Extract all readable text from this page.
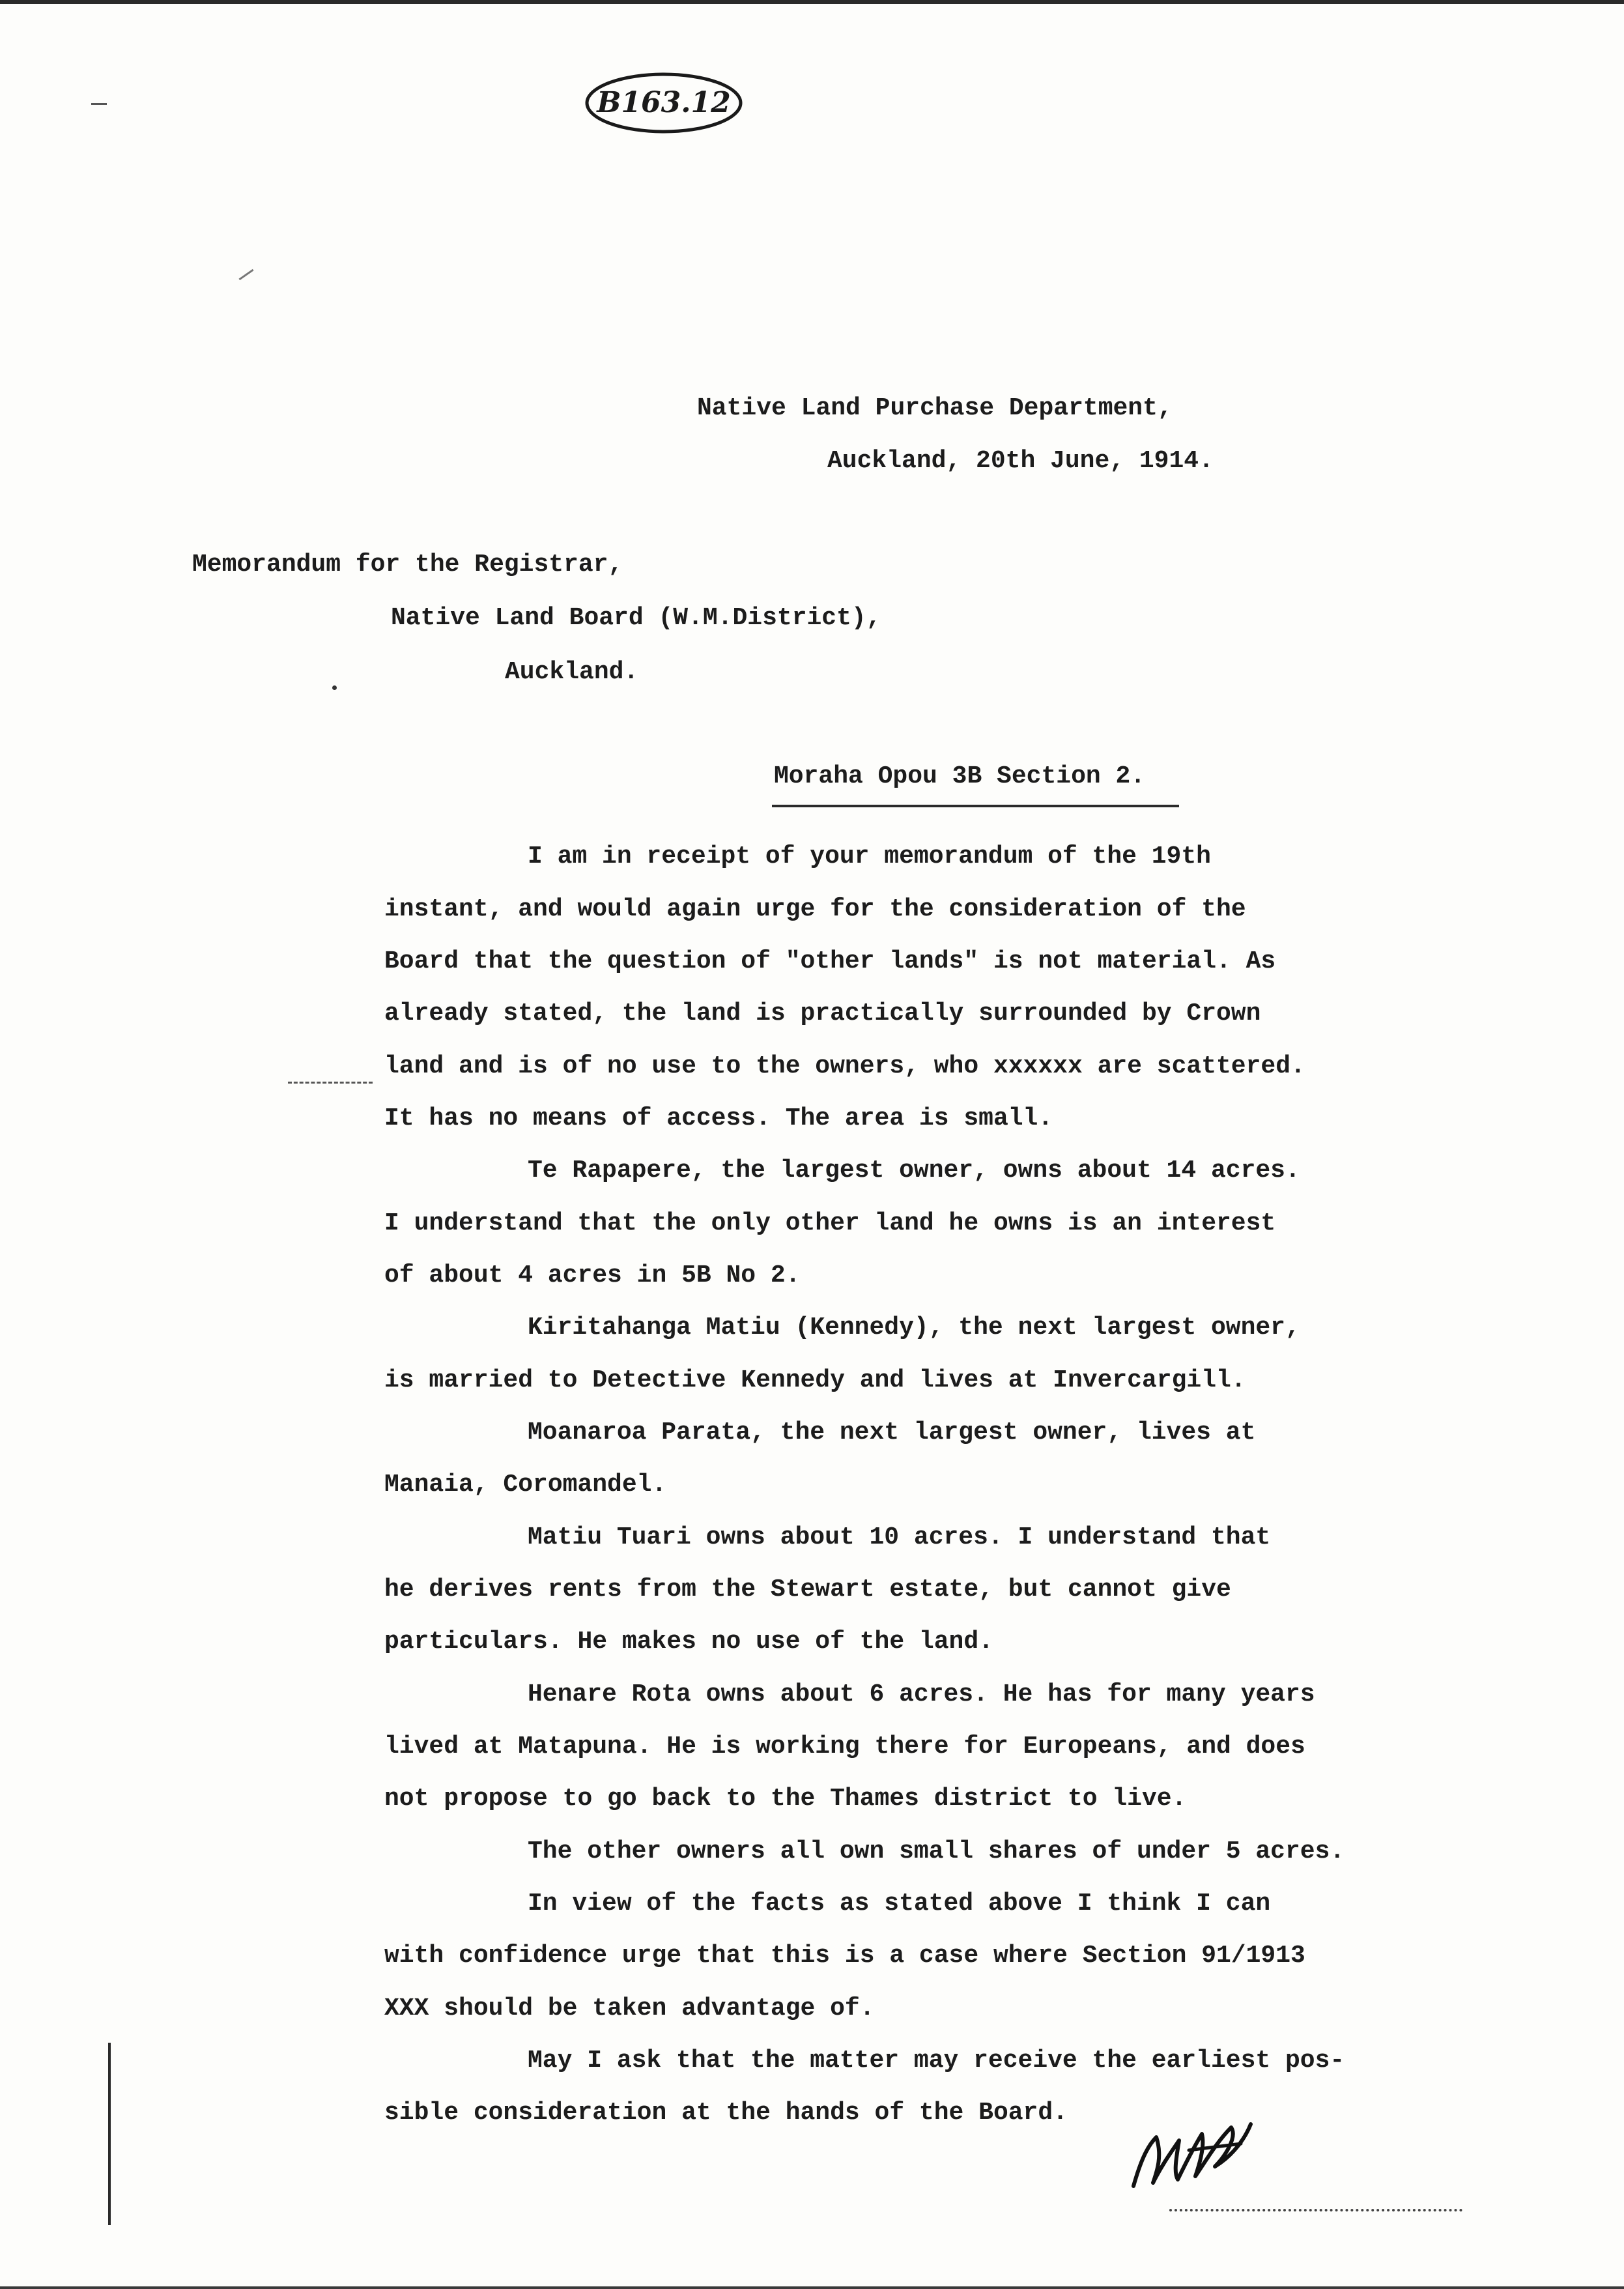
B163.12
Native Land Purchase Department,
Auckland, 20th June, 1914.
Memorandum for the Registrar,
Native Land Board (W.M.District),
Auckland.
Moraha Opou 3B Section 2.
I am in receipt of your memorandum of the 19th
instant, and would again urge for the consideration of the
Board that the question of "other lands" is not material. As
already stated, the land is practically surrounded by Crown
land and is of no use to the owners, who xxxxxx are scattered.
It has no means of access. The area is small.
Te Rapapere, the largest owner, owns about 14 acres.
I understand that the only other land he owns is an interest
of about 4 acres in 5B No 2.
Kiritahanga Matiu (Kennedy), the next largest owner,
is married to Detective Kennedy and lives at Invercargill.
Moanaroa Parata, the next largest owner, lives at
Manaia, Coromandel.
Matiu Tuari owns about 10 acres. I understand that
he derives rents from the Stewart estate, but cannot give
particulars. He makes no use of the land.
Henare Rota owns about 6 acres. He has for many years
lived at Matapuna. He is working there for Europeans, and does
not propose to go back to the Thames district to live.
The other owners all own small shares of under 5 acres.
In view of the facts as stated above I think I can
with confidence urge that this is a case where Section 91/1913
XXX should be taken advantage of.
May I ask that the matter may receive the earliest pos-
sible consideration at the hands of the Board.
